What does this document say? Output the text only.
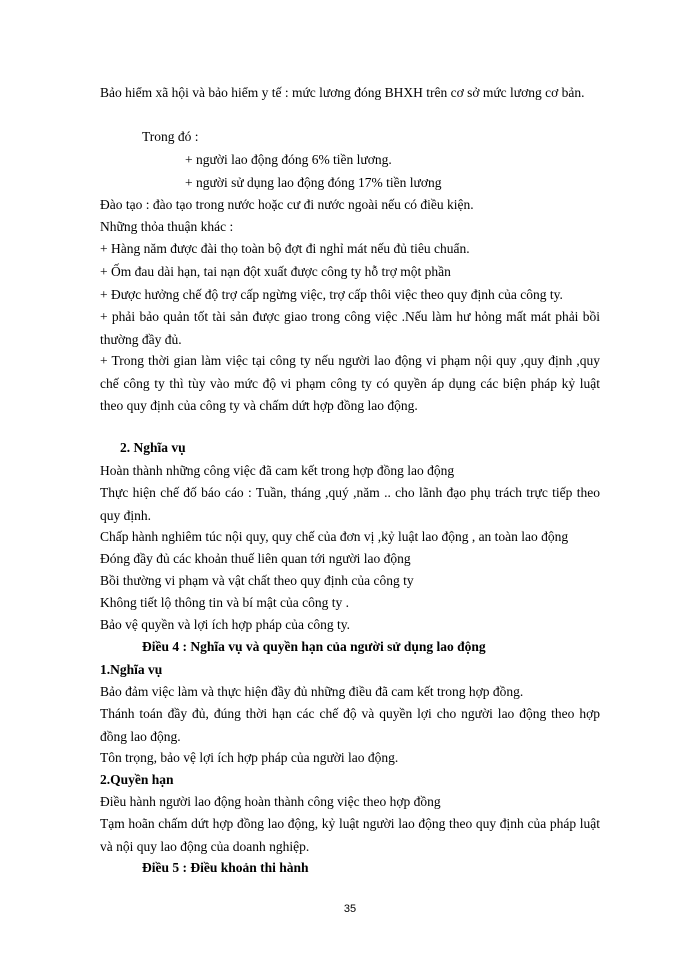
Bảo hiểm xã hội và bảo hiểm y tế : mức lương đóng BHXH trên cơ sở mức lương cơ bản.

Trong đó :

+ người lao động đóng 6% tiền lương.

+ người sử dụng lao động đóng 17% tiền lương

Đào tạo : đào tạo trong nước hoặc cư đi nước ngoài nếu có điều kiện.

Những thỏa thuận khác :

+ Hàng năm được đài thọ toàn bộ đợt đi nghỉ mát nếu đủ tiêu chuẩn.

+ Ốm đau dài hạn, tai nạn đột xuất được công ty hỗ trợ một phần

+ Được hưởng chế độ trợ cấp ngừng việc, trợ cấp thôi việc theo quy định của công ty.

+ phải bảo quản tốt tài sản được giao trong công việc .Nếu làm hư hỏng mất mát phải bồi thường đầy đủ.

+ Trong thời gian làm việc tại công ty nếu người lao động vi phạm nội quy ,quy định ,quy chế công ty thì tùy vào mức độ vi phạm công ty có quyền áp dụng các biện pháp kỷ luật theo quy định của công ty và chấm dứt hợp đồng lao động.

2. Nghĩa vụ

Hoàn thành những công việc đã cam kết trong hợp đồng lao động

Thực hiện chế đố báo cáo : Tuần, tháng ,quý ,năm .. cho lãnh đạo phụ trách trực tiếp theo quy định.

Chấp hành nghiêm túc nội quy, quy chế của đơn vị ,kỷ luật lao động , an toàn lao động

Đóng đầy đủ các khoản thuế liên quan tới người lao động

Bồi thường vi phạm và vật chất theo quy định của công ty

Không tiết lộ thông tin và bí mật của công ty .

Bảo vệ quyền và lợi ích hợp pháp của công ty.

Điều 4 : Nghĩa vụ và quyền hạn của người sử dụng lao động

1.Nghĩa vụ

Bảo đảm việc làm và thực hiện đầy đủ những điều đã cam kết trong hợp đồng.

Thánh toán đầy đủ, đúng thời hạn các chế độ và quyền lợi cho người lao động theo hợp đồng lao động.

Tôn trọng, bảo vệ lợi ích hợp pháp của người lao động.

2.Quyền hạn

Điều hành người lao động hoàn thành công việc theo hợp đồng

Tạm hoãn chấm dứt hợp đồng lao động, kỷ luật người lao động theo quy định của pháp luật và nội quy lao động của doanh nghiệp.

Điều 5 : Điều khoản thi hành

35
